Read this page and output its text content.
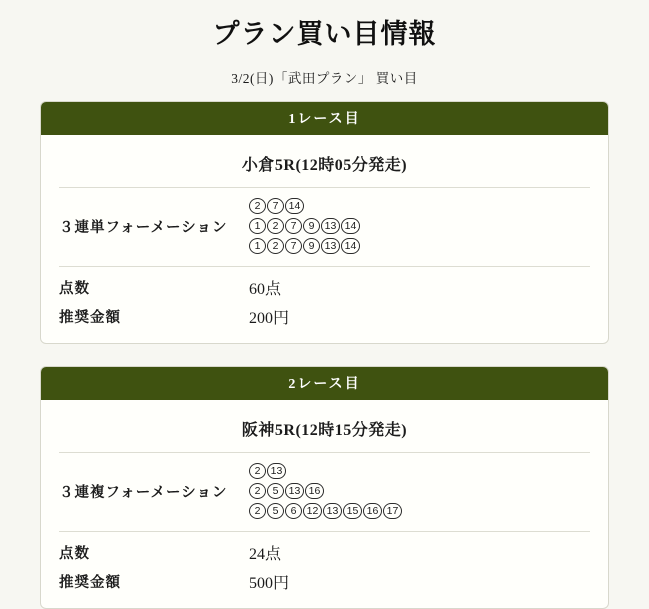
プラン買い目情報
3/2(日)「武田プラン」 買い目
1レース目
小倉5R(12時05分発走)
３連単フォーメーション
2	7 14
1	2	7	9 13 14
1	2	7	9 13 14
点数	60点
推奨金額	200円
2レース目
阪神5R(12時15分発走)
３連複フォーメーション
2 13
2	5 13 16
2	5	6 12 13 15 16 17
点数	24点
推奨金額	500円
